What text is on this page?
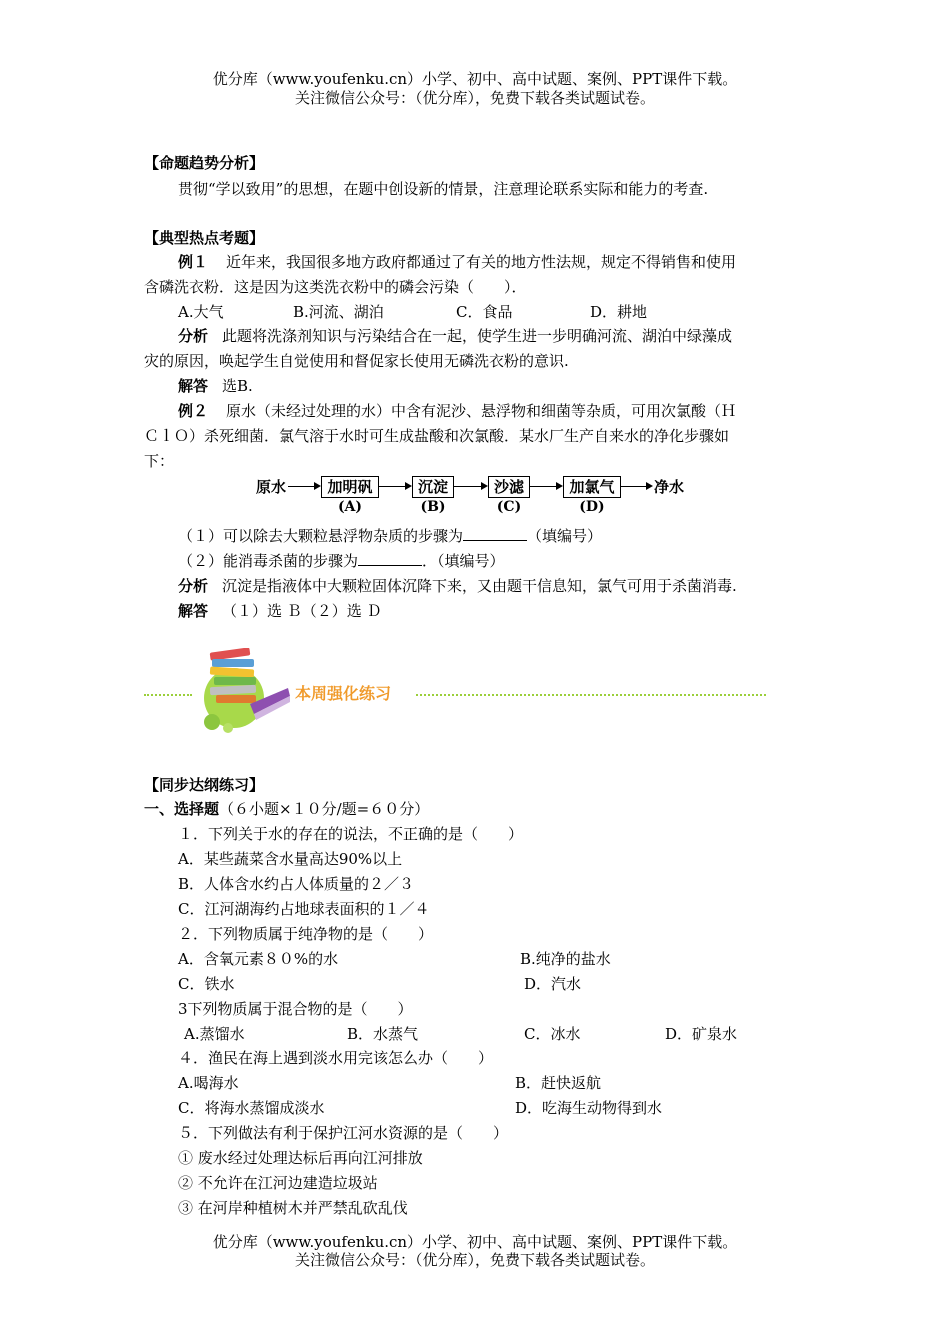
优分库（www.youfenku.cn）小学、初中、高中试题、案例、PPT课件下载。
关注微信公众号：（优分库），免费下载各类试题试卷。
【命题趋势分析】
贯彻“学以致用”的思想，在题中创设新的情景，注意理论联系实际和能力的考查.
【典型热点考题】
例１ 近年来，我国很多地方政府都通过了有关的地方性法规，规定不得销售和使用
含磷洗衣粉．这是因为这类洗衣粉中的磷会污染（　　）．
A.大气	B.河流、湖泊	C．食品	D．耕地
分析 此题将洗涤剂知识与污染结合在一起，使学生进一步明确河流、湖泊中绿藻成
灾的原因，唤起学生自觉使用和督促家长使用无磷洗衣粉的意识.
解答 选B.
例２ 原水（未经过处理的水）中含有泥沙、悬浮物和细菌等杂质，可用次氯酸（Ｈ
ＣｌＯ）杀死细菌．氯气溶于水时可生成盐酸和次氯酸．某水厂生产自来水的净化步骤如
下：
原水	加明矾
(A)
沉淀
(B)
沙滤
(C)
加氯气
(D)
净水
（１）可以除去大颗粒悬浮物杂质的步骤为	（填编号）
（２）能消毒杀菌的步骤为	．（填编号）
分析 沉淀是指液体中大颗粒固体沉降下来，又由题干信息知，氯气可用于杀菌消毒.
解答 （１）选 Ｂ（２）选 Ｄ
本周强化练习
【同步达纲练习】
一、选择题（６小题×１０分/题=６０分）
１．下列关于水的存在的说法，不正确的是（　　）
A．某些蔬菜含水量高达90%以上
B．人体含水约占人体质量的２／３
C．江河湖海约占地球表面积的１／４
２．下列物质属于纯净物的是（　　）
A．含氧元素８０%的水	B.纯净的盐水
C．铁水	D．汽水
3下列物质属于混合物的是（　　）
A.蒸馏水	B．水蒸气	C．冰水	D．矿泉水
４．渔民在海上遇到淡水用完该怎么办（　　）
A.喝海水	B．赶快返航
C．将海水蒸馏成淡水	D．吃海生动物得到水
５．下列做法有利于保护江河水资源的是（　　）
① 废水经过处理达标后再向江河排放
② 不允许在江河边建造垃圾站
③ 在河岸种植树木并严禁乱砍乱伐
优分库（www.youfenku.cn）小学、初中、高中试题、案例、PPT课件下载。
关注微信公众号：（优分库），免费下载各类试题试卷。
